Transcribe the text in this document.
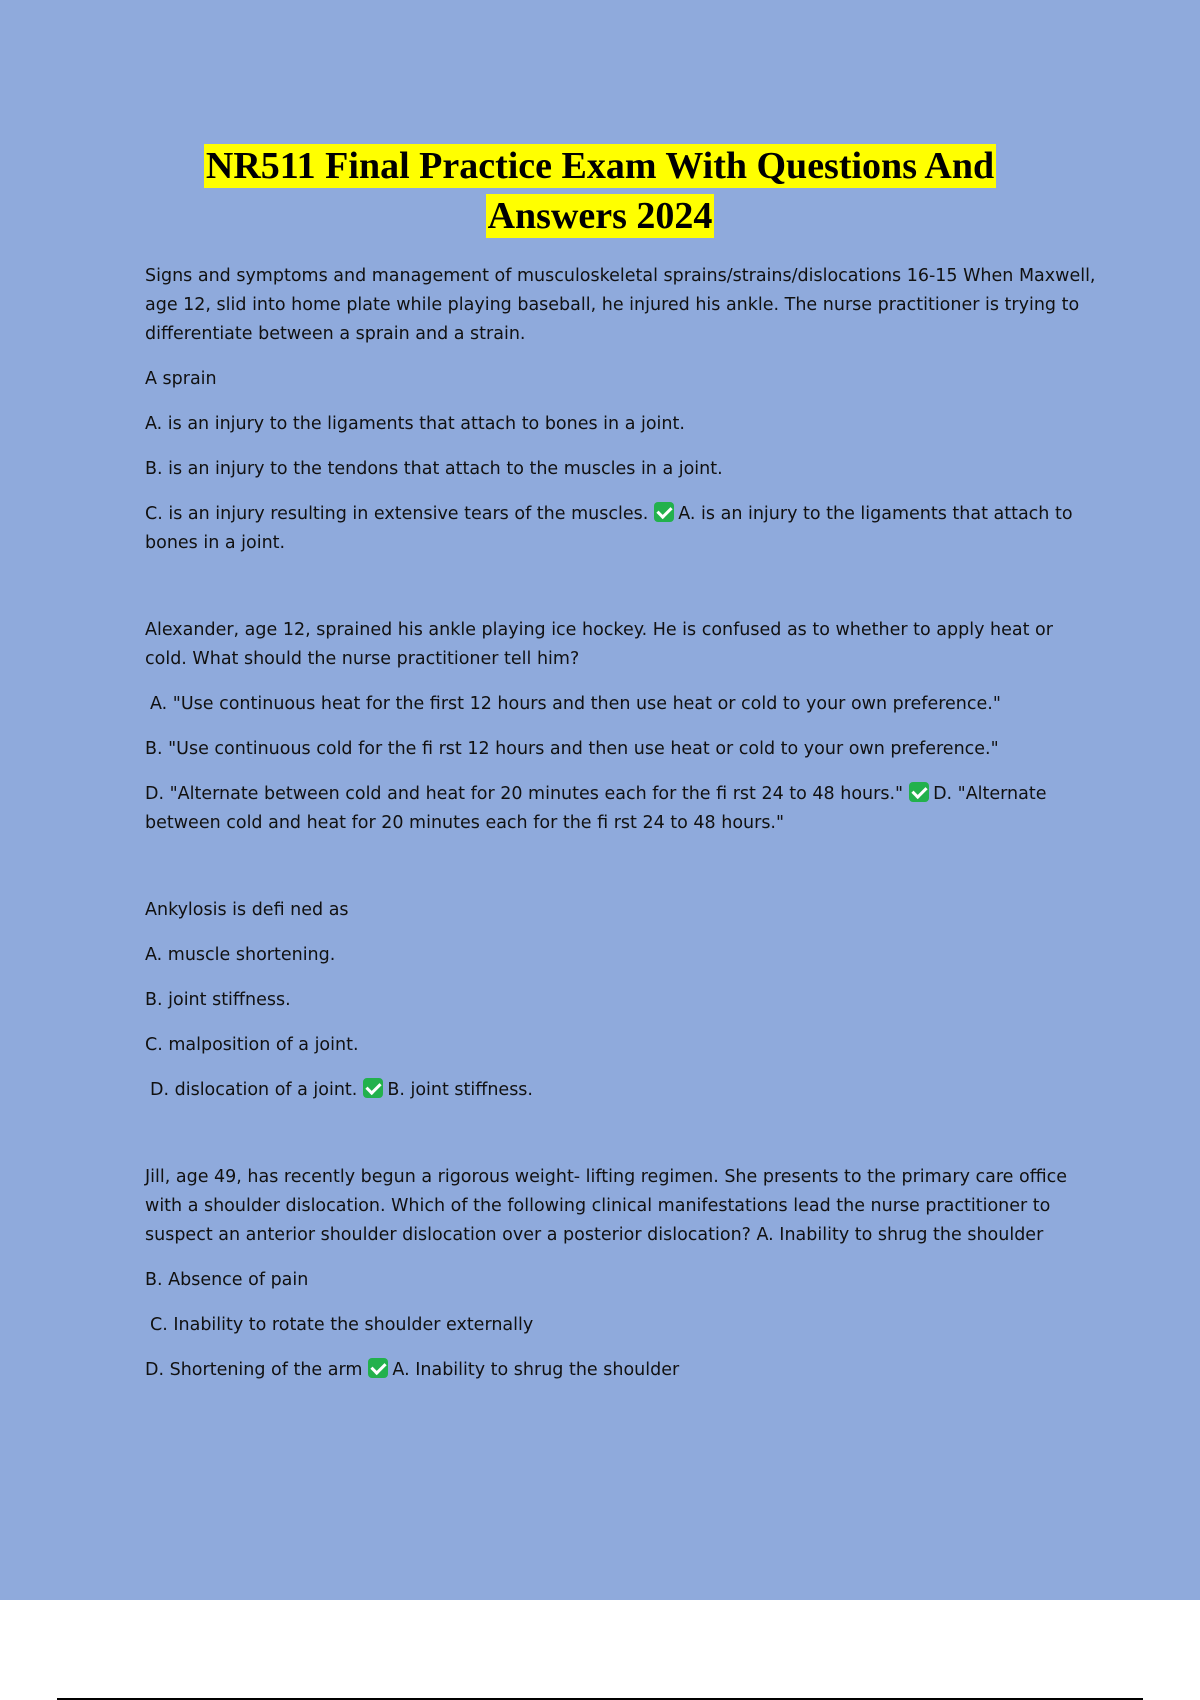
NR511 Final Practice Exam With Questions And
Answers 2024

Signs and symptoms and management of musculoskeletal sprains/strains/dislocations 16-15 When Maxwell, age 12, slid into home plate while playing baseball, he injured his ankle. The nurse practitioner is trying to differentiate between a sprain and a strain.

A sprain

A. is an injury to the ligaments that attach to bones in a joint.

B. is an injury to the tendons that attach to the muscles in a joint.

C. is an injury resulting in extensive tears of the muscles. A. is an injury to the ligaments that attach to bones in a joint.

Alexander, age 12, sprained his ankle playing ice hockey. He is confused as to whether to apply heat or cold. What should the nurse practitioner tell him?

A. "Use continuous heat for the first 12 hours and then use heat or cold to your own preference."

B. "Use continuous cold for the fi rst 12 hours and then use heat or cold to your own preference."

D. "Alternate between cold and heat for 20 minutes each for the fi rst 24 to 48 hours." D. "Alternate between cold and heat for 20 minutes each for the fi rst 24 to 48 hours."

Ankylosis is defi ned as

A. muscle shortening.

B. joint stiffness.

C. malposition of a joint.

D. dislocation of a joint. B. joint stiffness.

Jill, age 49, has recently begun a rigorous weight- lifting regimen. She presents to the primary care office with a shoulder dislocation. Which of the following clinical manifestations lead the nurse practitioner to suspect an anterior shoulder dislocation over a posterior dislocation? A. Inability to shrug the shoulder

B. Absence of pain

C. Inability to rotate the shoulder externally

D. Shortening of the arm A. Inability to shrug the shoulder
